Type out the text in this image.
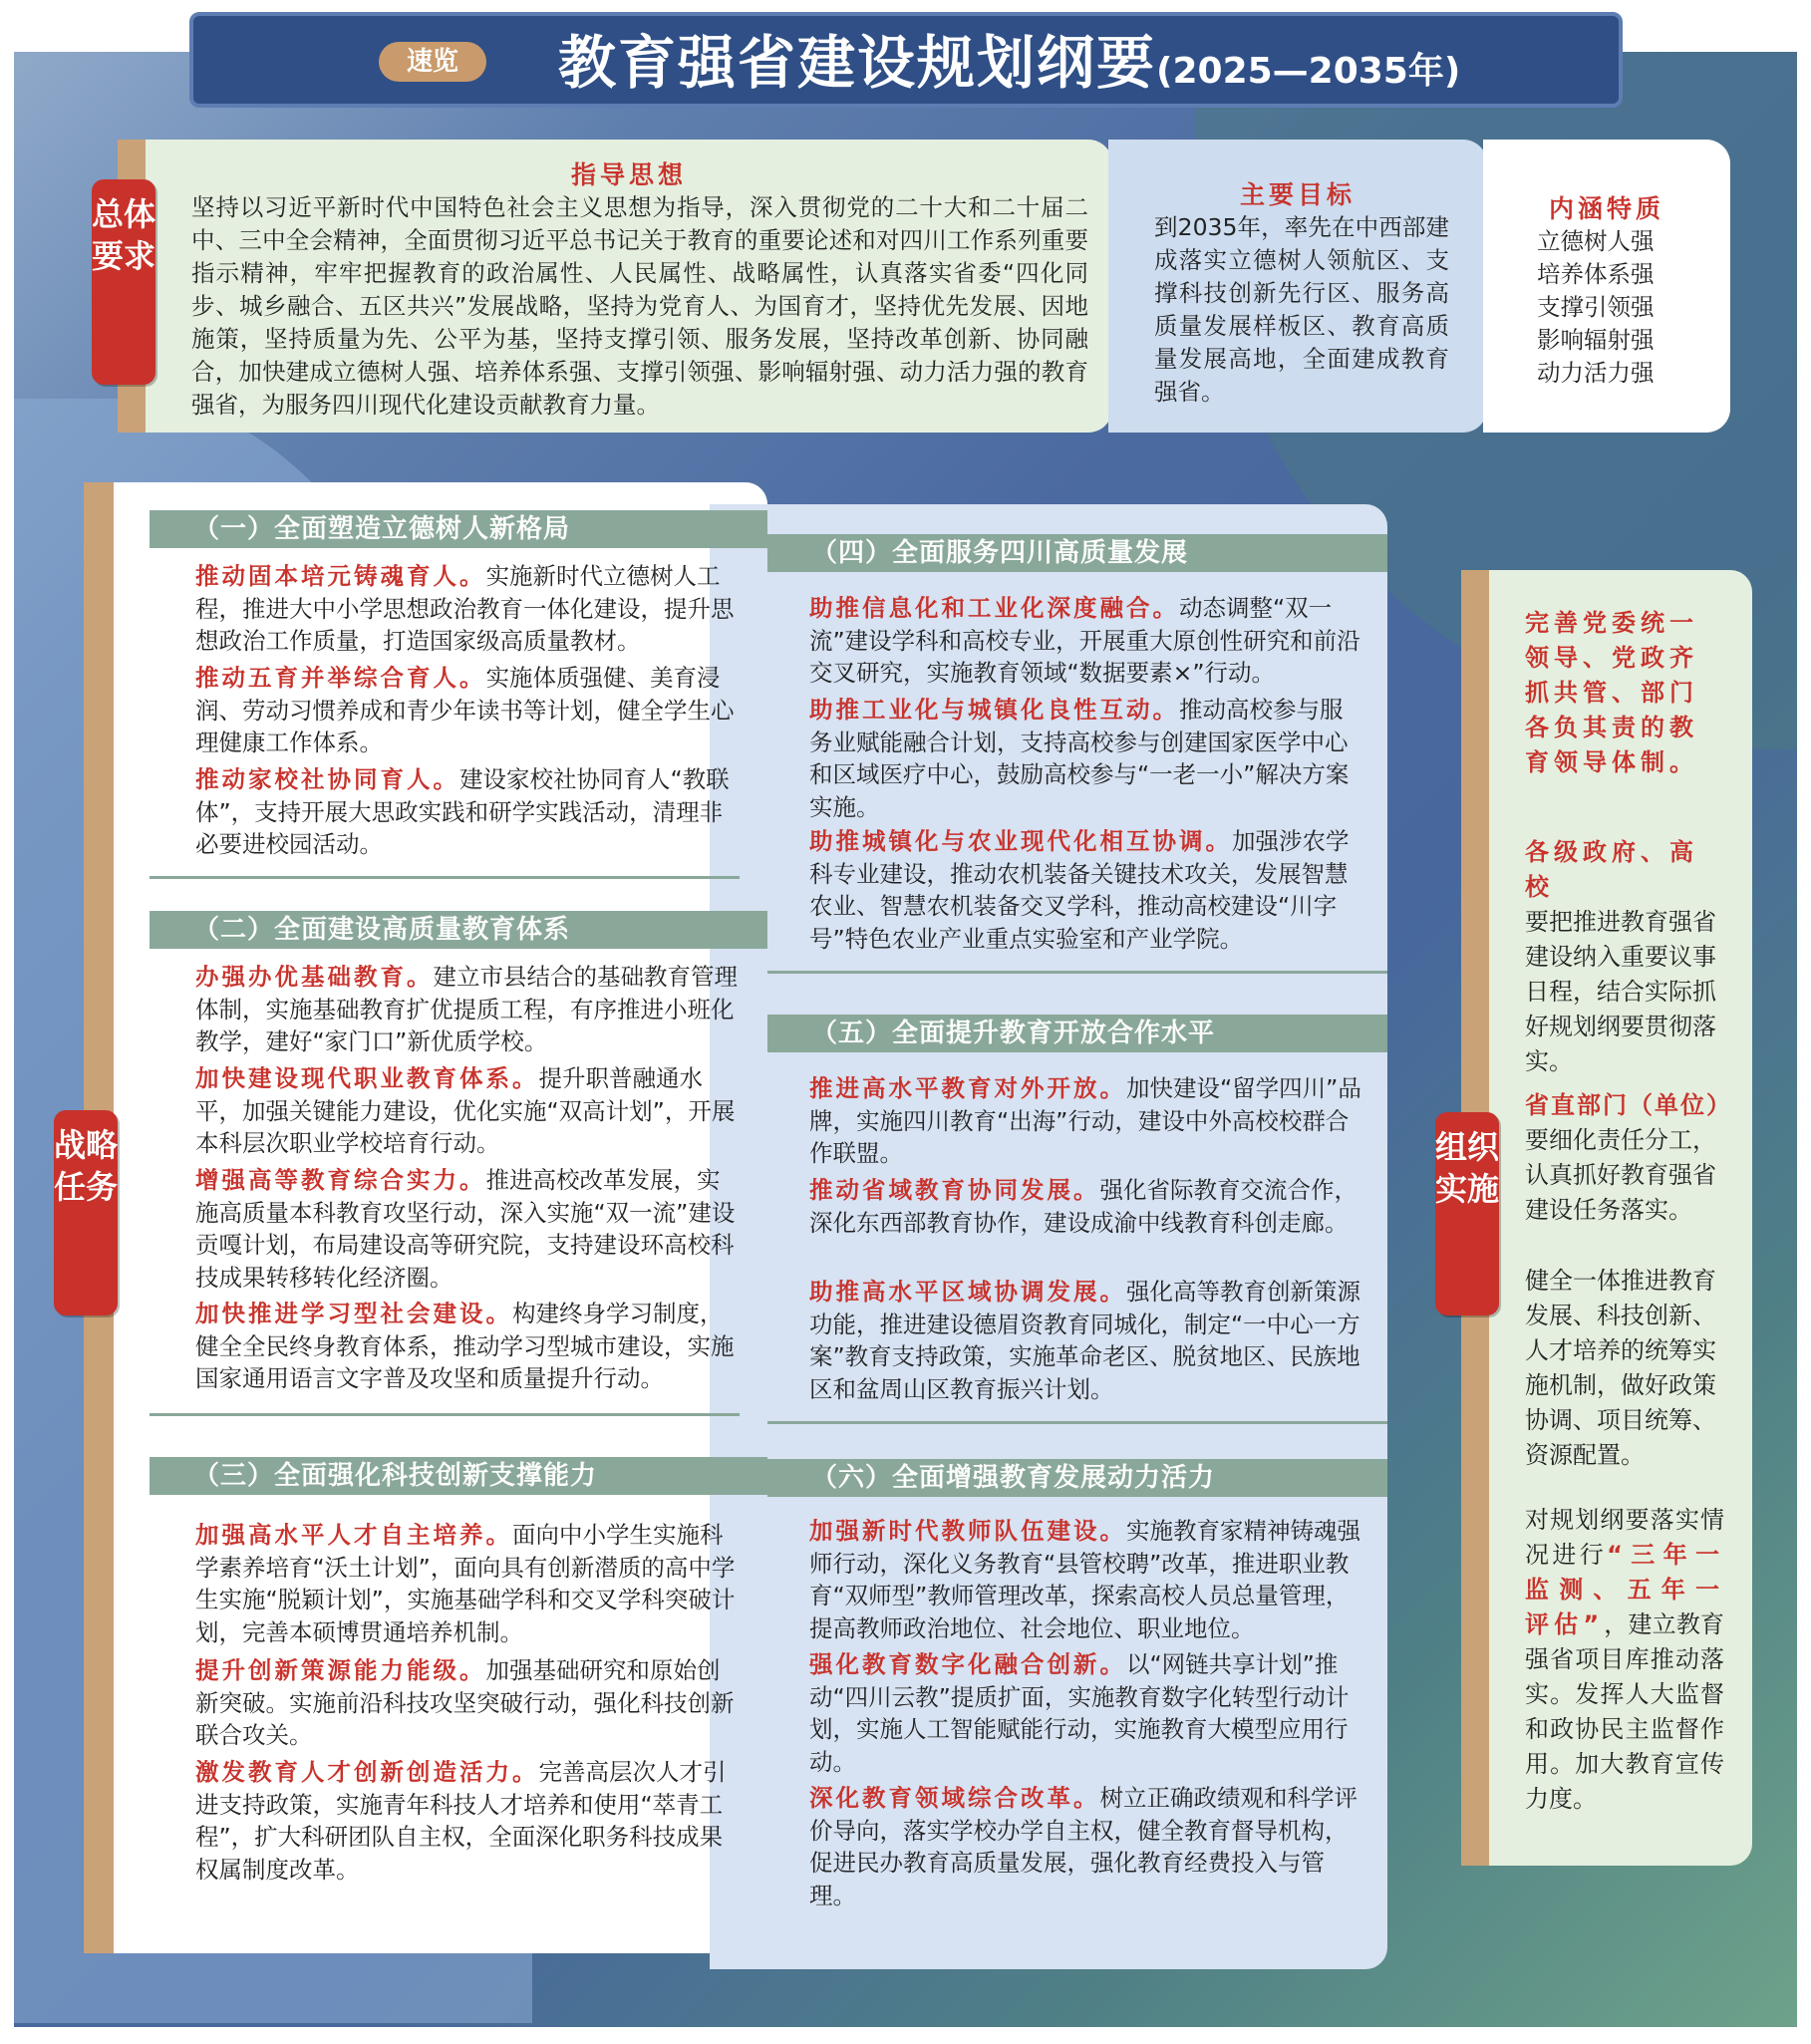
速览	教育强省建设规划纲要(2025—2035年)
指导思想
坚持以习近平新时代中国特色社会主义思想为指导，深入贯彻党的二十大和二十届二中、三中全会精神，全面贯彻习近平总书记关于教育的重要论述和对四川工作系列重要指示精神，牢牢把握教育的政治属性、人民属性、战略属性，认真落实省委“四化同步、城乡融合、五区共兴”发展战略，坚持为党育人、为国育才，坚持优先发展、因地施策，坚持质量为先、公平为基，坚持支撑引领、服务发展，坚持改革创新、协同融合，加快建成立德树人强、培养体系强、支撑引领强、影响辐射强、动力活力强的教育强省，为服务四川现代化建设贡献教育力量。
主要目标
到2035年，率先在中西部建成落实立德树人领航区、支撑科技创新先行区、服务高质量发展样板区、教育高质量发展高地，全面建成教育强省。
内涵特质
立德树人强
培养体系强
支撑引领强
影响辐射强
动力活力强
总体要求
战略任务
（一）全面塑造立德树人新格局
推动固本培元铸魂育人。实施新时代立德树人工程，推进大中小学思想政治教育一体化建设，提升思想政治工作质量，打造国家级高质量教材。
推动五育并举综合育人。实施体质强健、美育浸润、劳动习惯养成和青少年读书等计划，健全学生心理健康工作体系。
推动家校社协同育人。建设家校社协同育人“教联体”，支持开展大思政实践和研学实践活动，清理非必要进校园活动。
（二）全面建设高质量教育体系
办强办优基础教育。建立市县结合的基础教育管理体制，实施基础教育扩优提质工程，有序推进小班化教学，建好“家门口”新优质学校。
加快建设现代职业教育体系。提升职普融通水平，加强关键能力建设，优化实施“双高计划”，开展本科层次职业学校培育行动。
增强高等教育综合实力。推进高校改革发展，实施高质量本科教育攻坚行动，深入实施“双一流”建设贡嘎计划，布局建设高等研究院，支持建设环高校科技成果转移转化经济圈。
加快推进学习型社会建设。构建终身学习制度，健全全民终身教育体系，推动学习型城市建设，实施国家通用语言文字普及攻坚和质量提升行动。
（三）全面强化科技创新支撑能力
加强高水平人才自主培养。面向中小学生实施科学素养培育“沃土计划”，面向具有创新潜质的高中学生实施“脱颖计划”，实施基础学科和交叉学科突破计划，完善本硕博贯通培养机制。
提升创新策源能力能级。加强基础研究和原始创新突破。实施前沿科技攻坚突破行动，强化科技创新联合攻关。
激发教育人才创新创造活力。完善高层次人才引进支持政策，实施青年科技人才培养和使用“萃青工程”，扩大科研团队自主权，全面深化职务科技成果权属制度改革。
（四）全面服务四川高质量发展
助推信息化和工业化深度融合。动态调整“双一流”建设学科和高校专业，开展重大原创性研究和前沿交叉研究，实施教育领域“数据要素×”行动。
助推工业化与城镇化良性互动。推动高校参与服务业赋能融合计划，支持高校参与创建国家医学中心和区域医疗中心，鼓励高校参与“一老一小”解决方案实施。
助推城镇化与农业现代化相互协调。加强涉农学科专业建设，推动农机装备关键技术攻关，发展智慧农业、智慧农机装备交叉学科，推动高校建设“川字号”特色农业产业重点实验室和产业学院。
（五）全面提升教育开放合作水平
推进高水平教育对外开放。加快建设“留学四川”品牌，实施四川教育“出海”行动，建设中外高校校群合作联盟。
推动省域教育协同发展。强化省际教育交流合作，深化东西部教育协作，建设成渝中线教育科创走廊。
助推高水平区域协调发展。强化高等教育创新策源功能，推进建设德眉资教育同城化，制定“一中心一方案”教育支持政策，实施革命老区、脱贫地区、民族地区和盆周山区教育振兴计划。
（六）全面增强教育发展动力活力
加强新时代教师队伍建设。实施教育家精神铸魂强师行动，深化义务教育“县管校聘”改革，推进职业教育“双师型”教师管理改革，探索高校人员总量管理，提高教师政治地位、社会地位、职业地位。
强化教育数字化融合创新。以“网链共享计划”推动“四川云教”提质扩面，实施教育数字化转型行动计划，实施人工智能赋能行动，实施教育大模型应用行动。
深化教育领域综合改革。树立正确政绩观和科学评价导向，落实学校办学自主权，健全教育督导机构，促进民办教育高质量发展，强化教育经费投入与管理。
完善党委统一领导、党政齐抓共管、部门各负其责的教育领导体制。
各级政府、高校
要把推进教育强省建设纳入重要议事日程，结合实际抓好规划纲要贯彻落实。
省直部门（单位）
要细化责任分工，认真抓好教育强省建设任务落实。
健全一体推进教育发展、科技创新、人才培养的统筹实施机制，做好政策协调、项目统筹、资源配置。
对规划纲要落实情况进行“三年一监测、五年一评估”，建立教育强省项目库推动落实。发挥人大监督和政协民主监督作用。加大教育宣传力度。
组织实施
